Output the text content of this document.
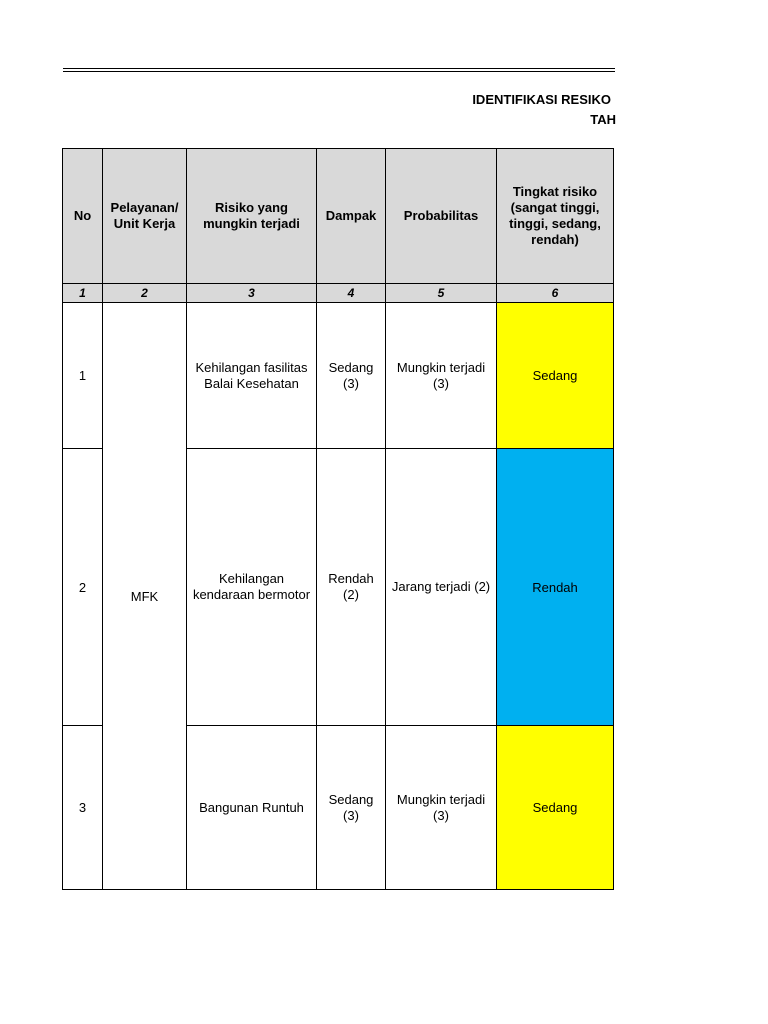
IDENTIFIKASI RESIKO
TAH
No	Pelayanan/ Unit Kerja	Risiko yang mungkin terjadi	Dampak	Probabilitas	Tingkat risiko (sangat tinggi, tinggi, sedang, rendah)
1	2	3	4	5	6
1	MFK	Kehilangan fasilitas Balai Kesehatan	Sedang (3)	Mungkin terjadi (3)	Sedang
2		Kehilangan kendaraan bermotor	Rendah (2)	Jarang terjadi (2)	Rendah
3		Bangunan Runtuh	Sedang (3)	Mungkin terjadi (3)	Sedang
